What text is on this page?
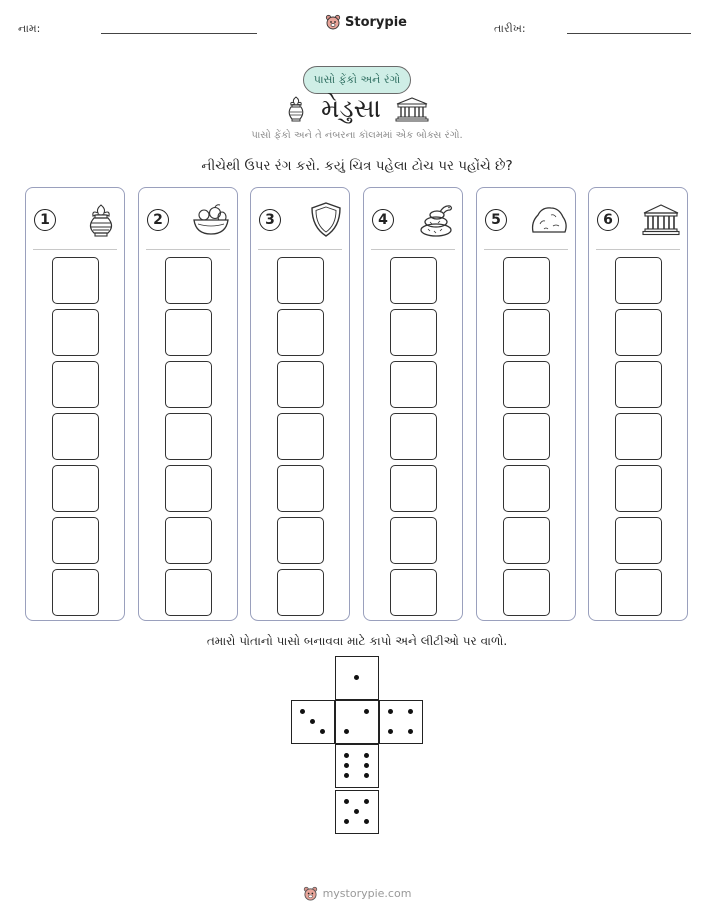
નામ:	Storypie	તારીખ:
પાસો ફેંકો અને રંગો
મેડુસા
પાસો ફેંકો અને તે નંબરના કૉલમમાં એક બોક્સ રંગો.
નીચેથી ઉપર રંગ કરો. કયું ચિત્ર પહેલા ટોચ પર પહોંચે છે?
1	2	3	4	5	6
તમારો પોતાનો પાસો બનાવવા માટે કાપો અને લીટીઓ પર વાળો.
mystorypie.com
